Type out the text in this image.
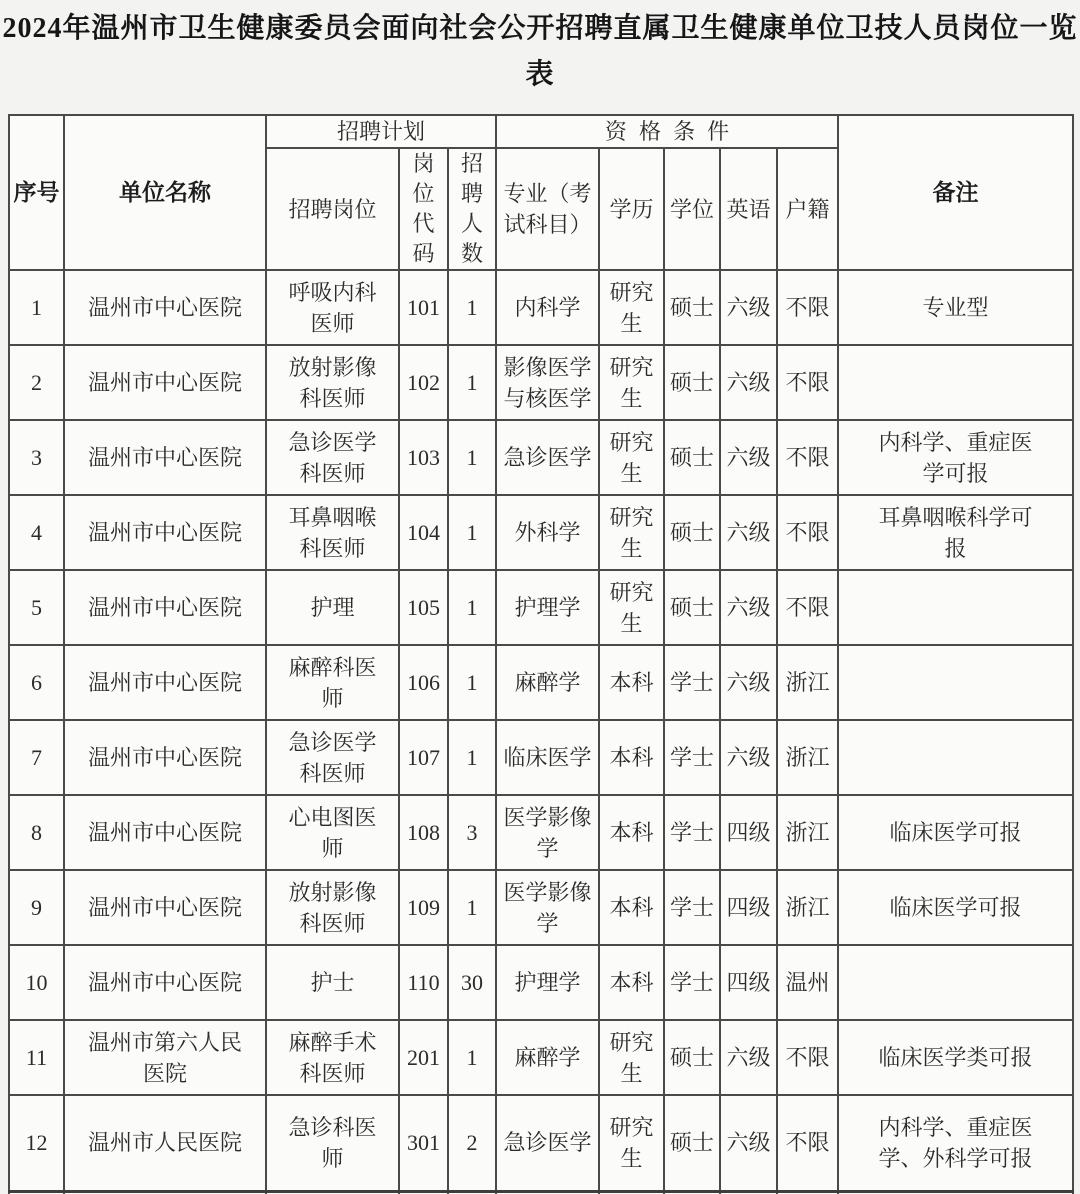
2024年温州市卫生健康委员会面向社会公开招聘直属卫生健康单位卫技人员岗位一览
表
序号	单位名称	招聘计划			资格条件					备注
		招聘岗位	岗位代码	招聘人数	专业（考试科目）	学历	学位	英语	户籍	
1	温州市中心医院	呼吸内科医师	101	1	内科学	研究生	硕士	六级	不限	专业型
2	温州市中心医院	放射影像科医师	102	1	影像医学与核医学	研究生	硕士	六级	不限	
3	温州市中心医院	急诊医学科医师	103	1	急诊医学	研究生	硕士	六级	不限	内科学、重症医学可报
4	温州市中心医院	耳鼻咽喉科医师	104	1	外科学	研究生	硕士	六级	不限	耳鼻咽喉科学可报
5	温州市中心医院	护理	105	1	护理学	研究生	硕士	六级	不限	
6	温州市中心医院	麻醉科医师	106	1	麻醉学	本科	学士	六级	浙江	
7	温州市中心医院	急诊医学科医师	107	1	临床医学	本科	学士	六级	浙江	
8	温州市中心医院	心电图医师	108	3	医学影像学	本科	学士	四级	浙江	临床医学可报
9	温州市中心医院	放射影像科医师	109	1	医学影像学	本科	学士	四级	浙江	临床医学可报
10	温州市中心医院	护士	110	30	护理学	本科	学士	四级	温州	
11	温州市第六人民医院	麻醉手术科医师	201	1	麻醉学	研究生	硕士	六级	不限	临床医学类可报
12	温州市人民医院	急诊科医师	301	2	急诊医学	研究生	硕士	六级	不限	内科学、重症医学、外科学可报
